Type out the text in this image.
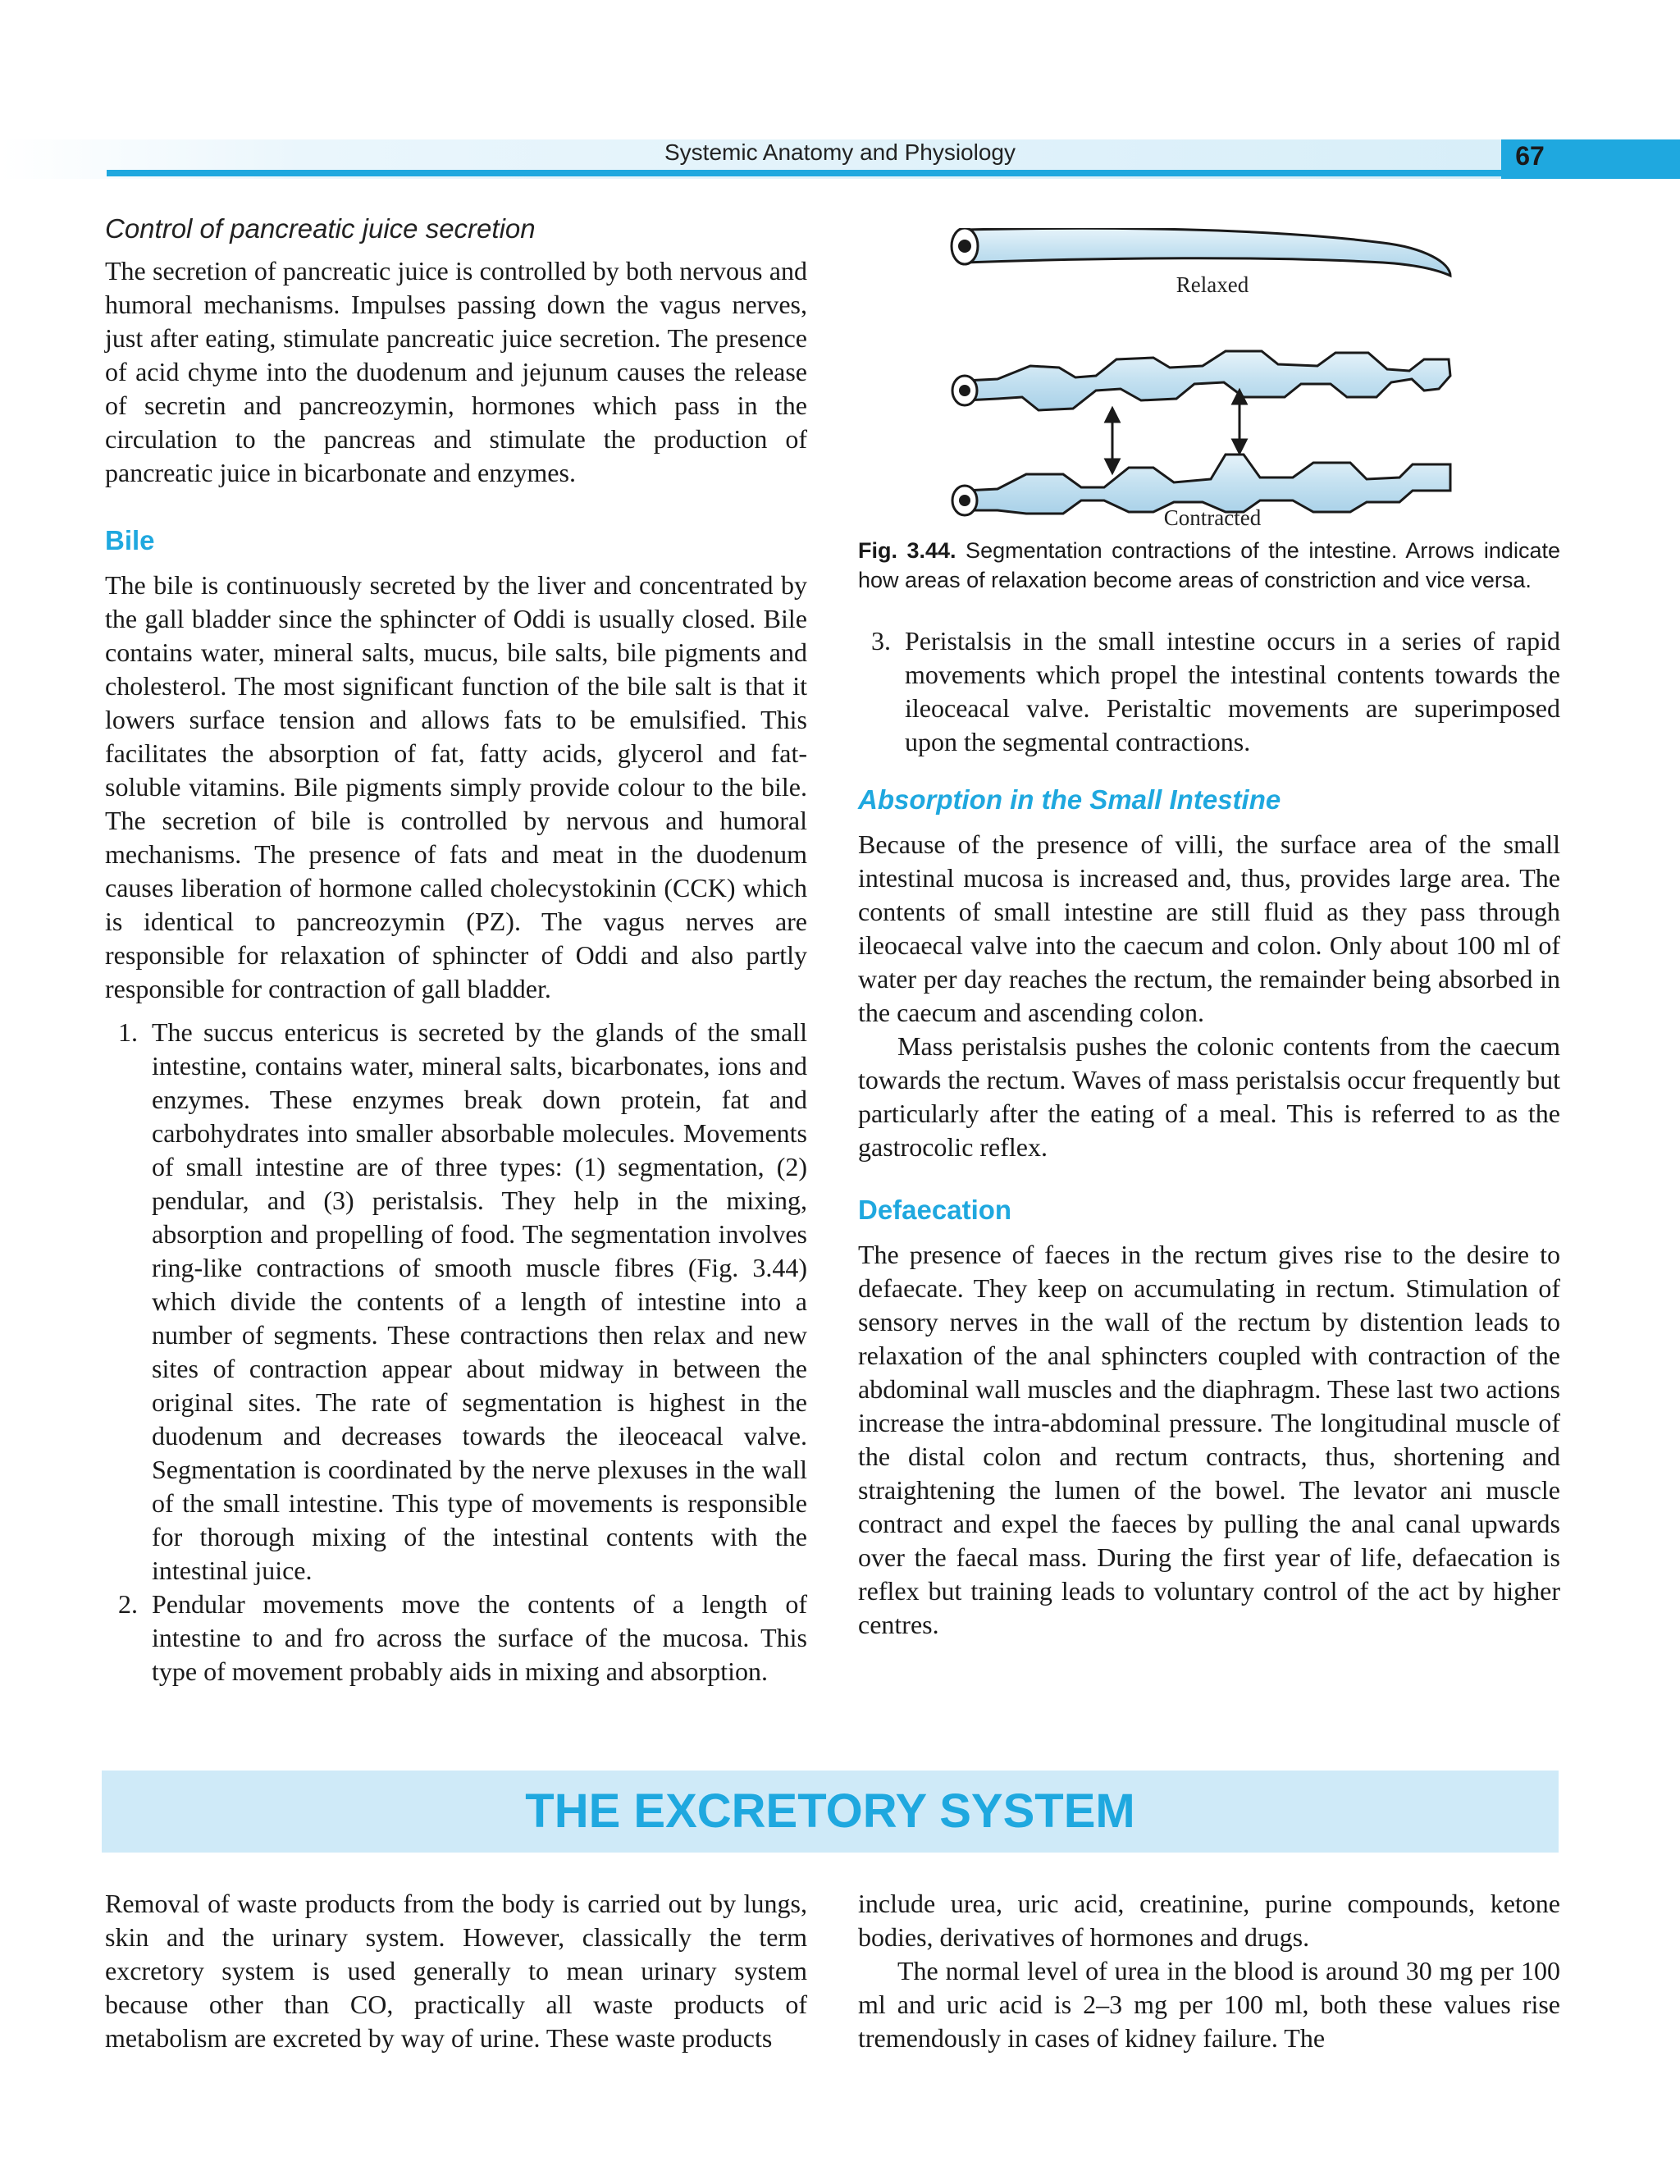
Systemic Anatomy and Physiology	67
Control of pancreatic juice secretion

The secretion of pancreatic juice is controlled by both nervous and humoral mechanisms. Impulses passing down the vagus nerves, just after eating, stimulate pancreatic juice secretion. The presence of acid chyme into the duodenum and jejunum causes the release of secretin and pancreozymin, hormones which pass in the circulation to the pancreas and stimulate the production of pancreatic juice in bicarbonate and enzymes.

Bile

The bile is continuously secreted by the liver and concentrated by the gall bladder since the sphincter of Oddi is usually closed. Bile contains water, mineral salts, mucus, bile salts, bile pigments and cholesterol. The most significant function of the bile salt is that it lowers surface tension and allows fats to be emulsified. This facilitates the absorption of fat, fatty acids, glycerol and fat-soluble vitamins. Bile pigments simply provide colour to the bile. The secretion of bile is controlled by nervous and humoral mechanisms. The presence of fats and meat in the duodenum causes liberation of hormone called cholecystokinin (CCK) which is identical to pancreozymin (PZ). The vagus nerves are responsible for relaxation of sphincter of Oddi and also partly responsible for contraction of gall bladder.

1. The succus entericus is secreted by the glands of the small intestine, contains water, mineral salts, bicarbonates, ions and enzymes. These enzymes break down protein, fat and carbohydrates into smaller absorbable molecules. Movements of small intestine are of three types: (1) segmentation, (2) pendular, and (3) peristalsis. They help in the mixing, absorption and propelling of food. The segmentation involves ring-like contractions of smooth muscle fibres (Fig. 3.44) which divide the contents of a length of intestine into a number of segments. These contractions then relax and new sites of contraction appear about midway in between the original sites. The rate of segmentation is highest in the duodenum and decreases towards the ileoceacal valve. Segmentation is coordinated by the nerve plexuses in the wall of the small intestine. This type of movements is responsible for thorough mixing of the intestinal contents with the intestinal juice.

2. Pendular movements move the contents of a length of intestine to and fro across the surface of the mucosa. This type of movement probably aids in mixing and absorption.

Relaxed
Contracted

Fig. 3.44. Segmentation contractions of the intestine. Arrows indicate how areas of relaxation become areas of constriction and vice versa.

3. Peristalsis in the small intestine occurs in a series of rapid movements which propel the intestinal contents towards the ileoceacal valve. Peristaltic movements are superimposed upon the segmental contractions.

Absorption in the Small Intestine

Because of the presence of villi, the surface area of the small intestinal mucosa is increased and, thus, provides large area. The contents of small intestine are still fluid as they pass through ileocaecal valve into the caecum and colon. Only about 100 ml of water per day reaches the rectum, the remainder being absorbed in the caecum and ascending colon.

Mass peristalsis pushes the colonic contents from the caecum towards the rectum. Waves of mass peristalsis occur frequently but particularly after the eating of a meal. This is referred to as the gastrocolic reflex.

Defaecation

The presence of faeces in the rectum gives rise to the desire to defaecate. They keep on accumulating in rectum. Stimulation of sensory nerves in the wall of the rectum by distention leads to relaxation of the anal sphincters coupled with contraction of the abdominal wall muscles and the diaphragm. These last two actions increase the intra-abdominal pressure. The longitudinal muscle of the distal colon and rectum contracts, thus, shortening and straightening the lumen of the bowel. The levator ani muscle contract and expel the faeces by pulling the anal canal upwards over the faecal mass. During the first year of life, defaecation is reflex but training leads to voluntary control of the act by higher centres.

THE EXCRETORY SYSTEM

Removal of waste products from the body is carried out by lungs, skin and the urinary system. However, classically the term excretory system is used generally to mean urinary system because other than CO, practically all waste products of metabolism are excreted by way of urine. These waste products

include urea, uric acid, creatinine, purine compounds, ketone bodies, derivatives of hormones and drugs.

The normal level of urea in the blood is around 30 mg per 100 ml and uric acid is 2–3 mg per 100 ml, both these values rise tremendously in cases of kidney failure. The
